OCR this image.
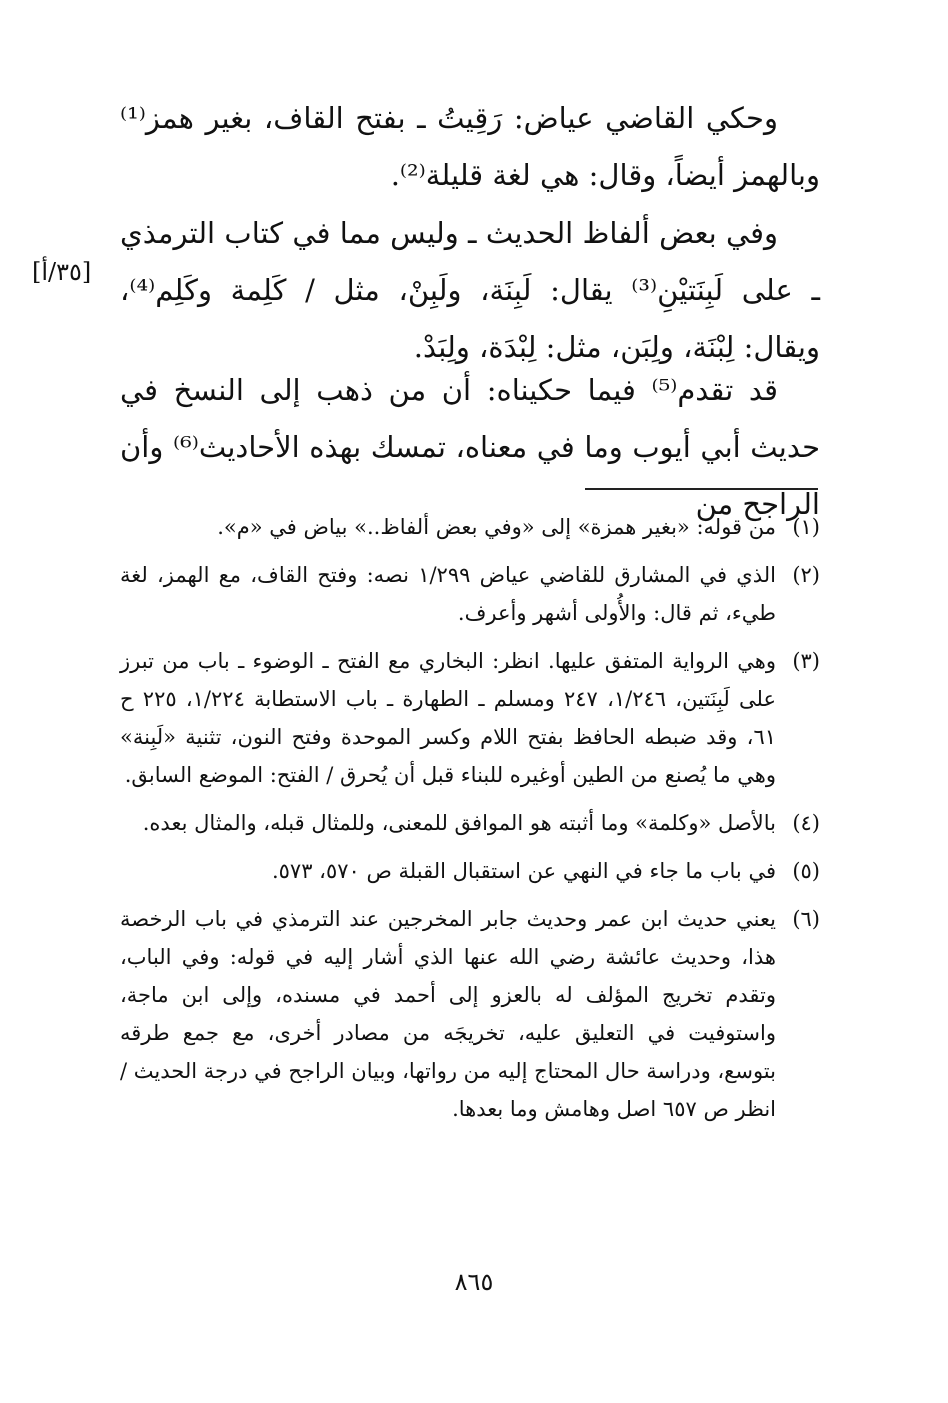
وحكي القاضي عياض: رَقِيتُ ـ بفتح القاف، بغير همز⁽¹⁾ وبالهمز أيضاً، وقال: هي لغة قليلة⁽²⁾.

وفي بعض ألفاظ الحديث ـ وليس مما في كتاب الترمذي ـ على لَبِنَتيْنِ⁽³⁾ يقال: لَبِنَة، ولَبِنْ، مثل / كَلِمة وكَلِم⁽⁴⁾، ويقال: لِبْنَة، ولِبَن، مثل: لِبْدَة، ولِبَدْ.

[٣٥/أ]

قد تقدم⁽⁵⁾ فيما حكيناه: أن من ذهب إلى النسخ في حديث أبي أيوب وما في معناه، تمسك بهذه الأحاديث⁽⁶⁾ وأن الراجح من

(١)
من قوله: «بغير همزة» إلى «وفي بعض ألفاظ..» بياض في «م».
(٢)
الذي في المشارق للقاضي عياض ١/٢٩٩ نصه: وفتح القاف، مع الهمز، لغة طيء، ثم قال: والأُولى أشهر وأعرف.
(٣)
وهي الرواية المتفق عليها. انظر: البخاري مع الفتح ـ الوضوء ـ باب من تبرز على لَبِنَتين، ١/٢٤٦، ٢٤٧ ومسلم ـ الطهارة ـ باب الاستطابة ١/٢٢٤، ٢٢٥ ح ٦١، وقد ضبطه الحافظ بفتح اللام وكسر الموحدة وفتح النون، تثنية «لَبِنة» وهي ما يُصنع من الطين أوغيره للبناء قبل أن يُحرق / الفتح: الموضع السابق.
(٤)
بالأصل «وكلمة» وما أثبته هو الموافق للمعنى، وللمثال قبله، والمثال بعده.
(٥)
في باب ما جاء في النهي عن استقبال القبلة ص ٥٧٠، ٥٧٣.
(٦)
يعني حديث ابن عمر وحديث جابر المخرجين عند الترمذي في باب الرخصة هذا، وحديث عائشة رضي الله عنها الذي أشار إليه في قوله: وفي الباب، وتقدم تخريج المؤلف له بالعزو إلى أحمد في مسنده، وإلى ابن ماجة، واستوفيت في التعليق عليه، تخريجَه من مصادر أخرى، مع جمع طرقه بتوسع، ودراسة حال المحتاج إليه من رواتها، وبيان الراجح في درجة الحديث / انظر ص ٦٥٧ اصل وهامش وما بعدها.
٨٦٥
